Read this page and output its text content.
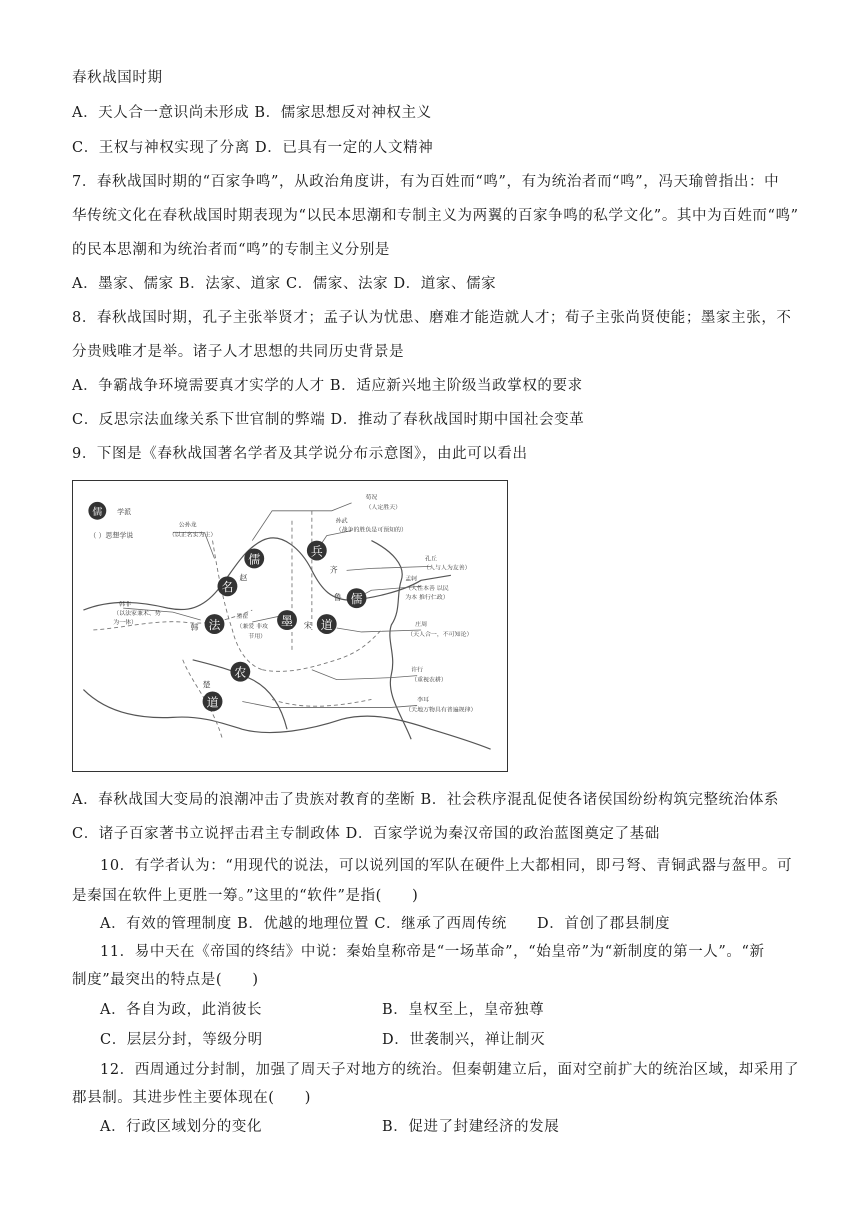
春秋战国时期
A．天人合一意识尚未形成 B．儒家思想反对神权主义
C．王权与神权实现了分离 D．已具有一定的人文精神
7．春秋战国时期的“百家争鸣”，从政治角度讲，有为百姓而“鸣”，有为统治者而“鸣”，冯天瑜曾指出：中
华传统文化在春秋战国时期表现为“以民本思潮和专制主义为两翼的百家争鸣的私学文化”。其中为百姓而“鸣”
的民本思潮和为统治者而“鸣”的专制主义分别是
A．墨家、儒家 B．法家、道家 C．儒家、法家 D．道家、儒家
8．春秋战国时期，孔子主张举贤才；孟子认为忧患、磨难才能造就人才；荀子主张尚贤使能；墨家主张，不
分贵贱唯才是举。诸子人才思想的共同历史背景是
A．争霸战争环境需要真才实学的人才 B．适应新兴地主阶级当政掌权的要求
C．反思宗法血缘关系下世官制的弊端 D．推动了春秋战国时期中国社会变革
9．下图是《春秋战国著名学者及其学说分布示意图》，由此可以看出
儒 学派
（ ）思想学说
儒
兵
名
儒
法	墨 道
农
道
赵
齐
鲁
韩	宋
楚
荀况
（人定胜天）
孙武
（战争的胜负是可预知的）
公孙龙
（以正名实为主）
孔丘
（人与人为友善）
孟轲
（人性本善 以民
为本 推行仁政）
韩非
（以法家兼术、势
为一体）
墨翟
（兼爱 非攻
节用）
庄周
（天人合一，不可知论）
许行
（重视农耕）
李耳
（天地万物具有普遍规律）
A．春秋战国大变局的浪潮冲击了贵族对教育的垄断 B．社会秩序混乱促使各诸侯国纷纷构筑完整统治体系
C．诸子百家著书立说抨击君主专制政体 D．百家学说为秦汉帝国的政治蓝图奠定了基础
10．有学者认为：“用现代的说法，可以说列国的军队在硬件上大都相同，即弓弩、青铜武器与盔甲。可
是秦国在软件上更胜一筹。”这里的“软件”是指(　　)
A．有效的管理制度 B．优越的地理位置 C．继承了西周传统　　D．首创了郡县制度
11．易中天在《帝国的终结》中说：秦始皇称帝是“一场革命”，“始皇帝”为“新制度的第一人”。“新
制度”最突出的特点是(　　)
A．各自为政，此消彼长	B．皇权至上，皇帝独尊
C．层层分封，等级分明	D．世袭制兴，禅让制灭
12．西周通过分封制，加强了周天子对地方的统治。但秦朝建立后，面对空前扩大的统治区域，却采用了
郡县制。其进步性主要体现在(　　)
A．行政区域划分的变化	B．促进了封建经济的发展
